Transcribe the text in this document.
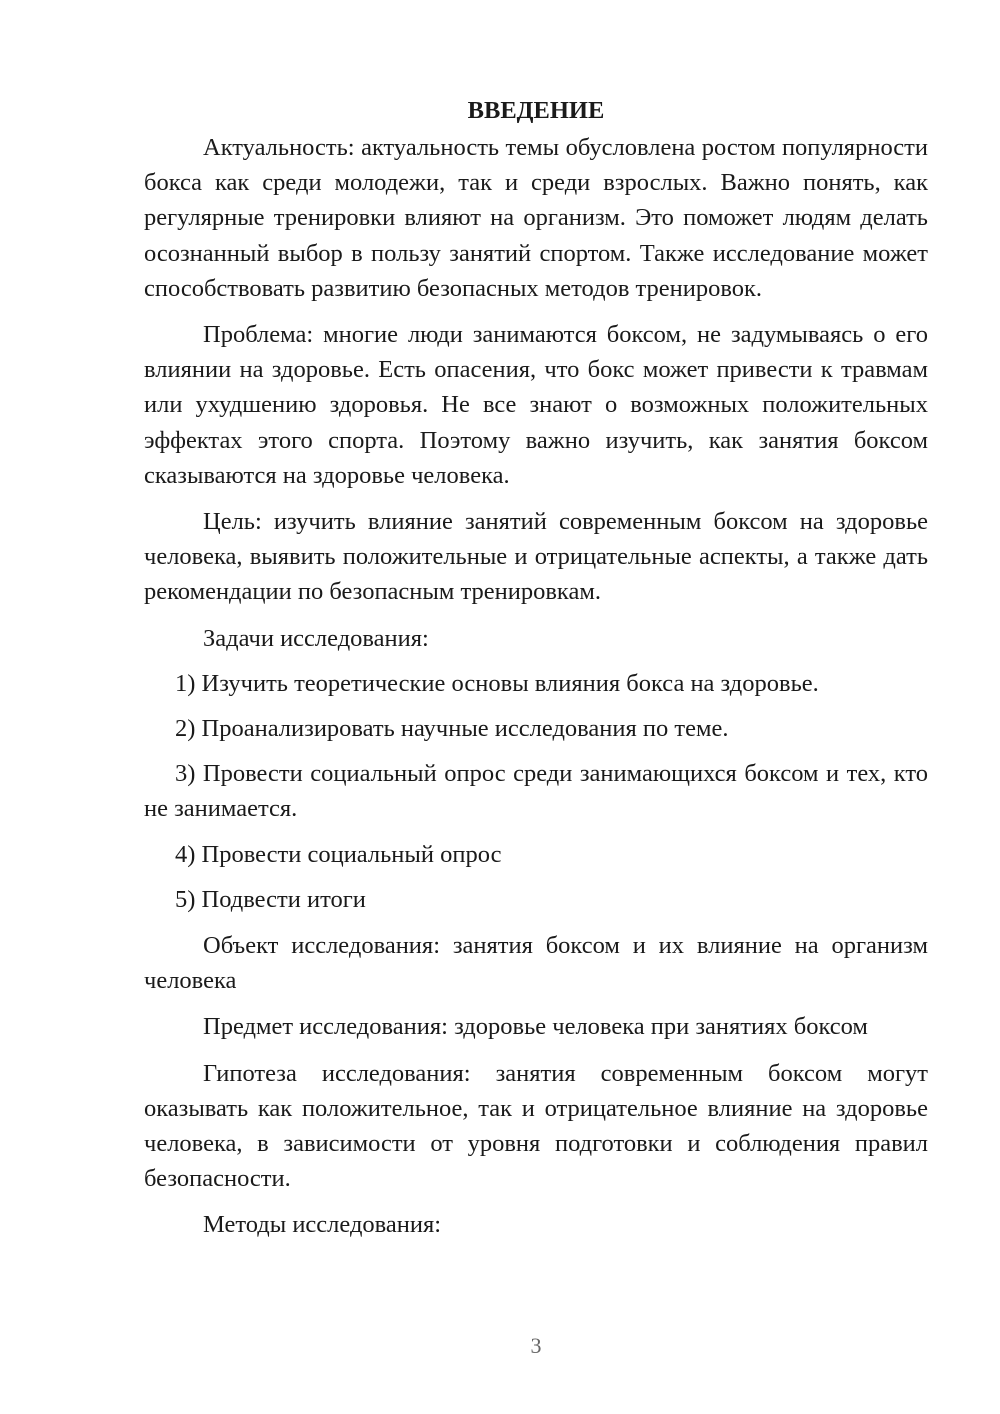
ВВЕДЕНИЕ

Актуальность: актуальность темы обусловлена ростом популярности бокса как среди молодежи, так и среди взрослых. Важно понять, как регулярные тренировки влияют на организм. Это поможет людям делать осознанный выбор в пользу занятий спортом. Также исследование может способствовать развитию безопасных методов тренировок.

Проблема: многие люди занимаются боксом, не задумываясь о его влиянии на здоровье. Есть опасения, что бокс может привести к травмам или ухудшению здоровья. Не все знают о возможных положительных эффектах этого спорта. Поэтому важно изучить, как занятия боксом сказываются на здоровье человека.

Цель: изучить влияние занятий современным боксом на здоровье человека, выявить положительные и отрицательные аспекты, а также дать рекомендации по безопасным тренировкам.

Задачи исследования:

1) Изучить теоретические основы влияния бокса на здоровье.

2) Проанализировать научные исследования по теме.

3) Провести социальный опрос среди занимающихся боксом и тех, кто не занимается.

4) Провести социальный опрос

5) Подвести итоги

Объект исследования: занятия боксом и их влияние на организм человека

Предмет исследования: здоровье человека при занятиях боксом

Гипотеза исследования: занятия современным боксом могут оказывать как положительное, так и отрицательное влияние на здоровье человека, в зависимости от уровня подготовки и соблюдения правил безопасности.

Методы исследования:

3
